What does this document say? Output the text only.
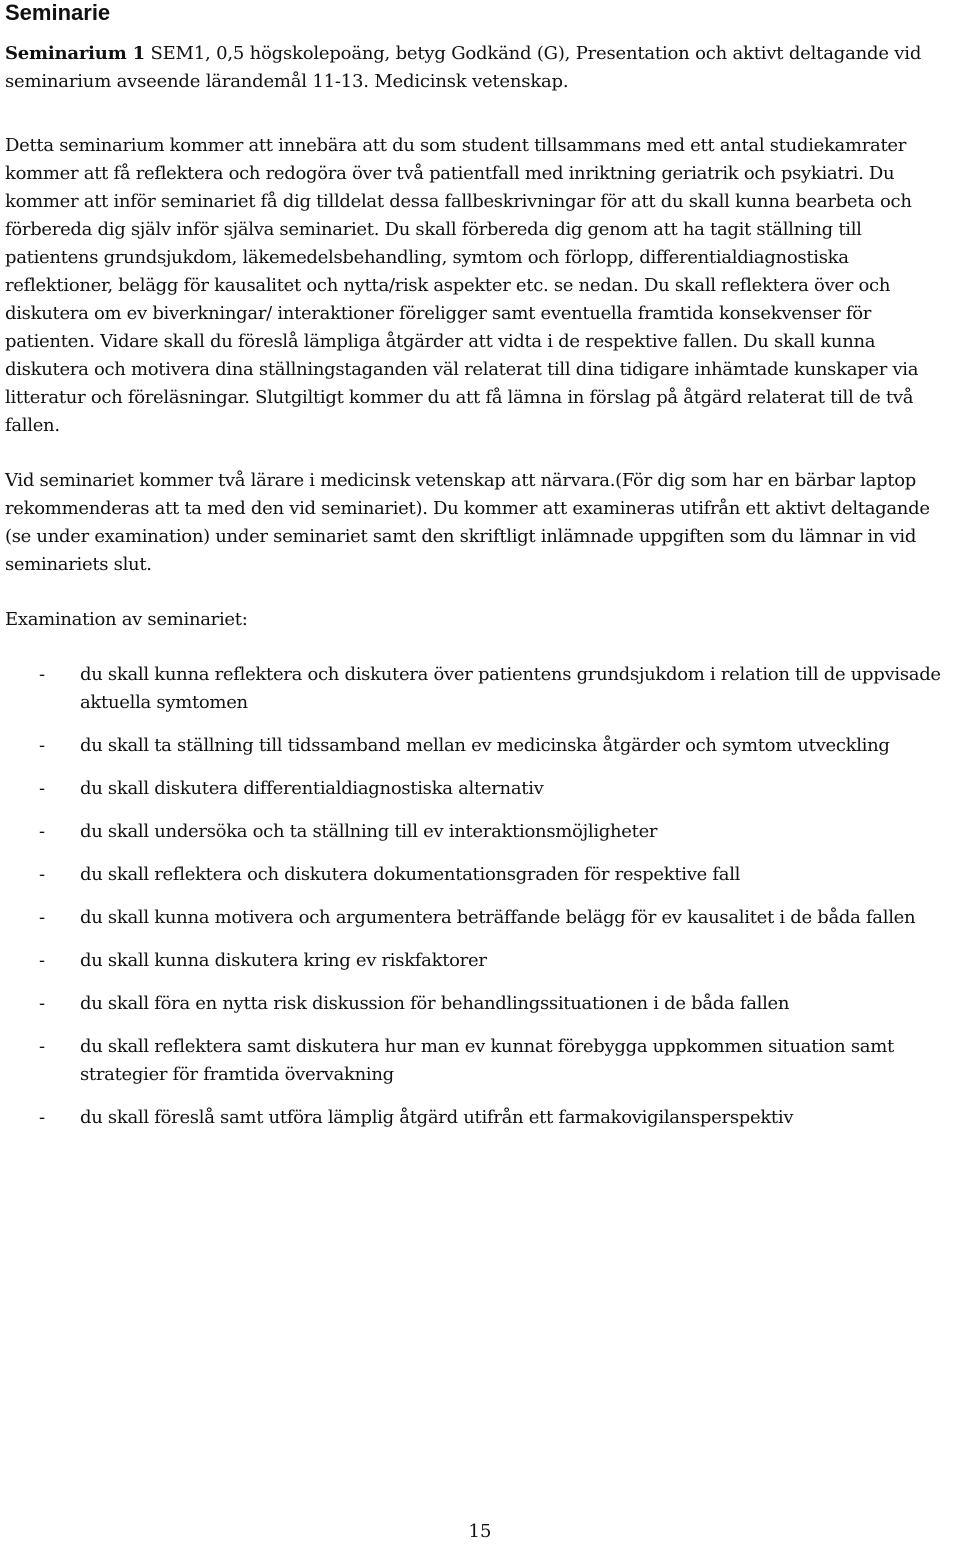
Seminarie

Seminarium 1 SEM1, 0,5 högskolepoäng, betyg Godkänd (G), Presentation och aktivt deltagande vid seminarium avseende lärandemål 11-13. Medicinsk vetenskap.

Detta seminarium kommer att innebära att du som student tillsammans med ett antal studiekamrater kommer att få reflektera och redogöra över två patientfall med inriktning geriatrik och psykiatri. Du kommer att inför seminariet få dig tilldelat dessa fallbeskrivningar för att du skall kunna bearbeta och förbereda dig själv inför själva seminariet. Du skall förbereda dig genom att ha tagit ställning till patientens grundsjukdom, läkemedelsbehandling, symtom och förlopp, differentialdiagnostiska reflektioner, belägg för kausalitet och nytta/risk aspekter etc. se nedan. Du skall reflektera över och diskutera om ev biverkningar/ interaktioner föreligger samt eventuella framtida konsekvenser för patienten. Vidare skall du föreslå lämpliga åtgärder att vidta i de respektive fallen. Du skall kunna diskutera och motivera dina ställningstaganden väl relaterat till dina tidigare inhämtade kunskaper via litteratur och föreläsningar. Slutgiltigt kommer du att få lämna in förslag på åtgärd relaterat till de två fallen.

Vid seminariet kommer två lärare i medicinsk vetenskap att närvara.(För dig som har en bärbar laptop rekommenderas att ta med den vid seminariet). Du kommer att examineras utifrån ett aktivt deltagande (se under examination) under seminariet samt den skriftligt inlämnade uppgiften som du lämnar in vid seminariets slut.

Examination av seminariet:

- du skall kunna reflektera och diskutera över patientens grundsjukdom i relation till de uppvisade aktuella symtomen
- du skall ta ställning till tidssamband mellan ev medicinska åtgärder och symtom utveckling
- du skall diskutera differentialdiagnostiska alternativ
- du skall undersöka och ta ställning till ev interaktionsmöjligheter
- du skall reflektera och diskutera dokumentationsgraden för respektive fall
- du skall kunna motivera och argumentera beträffande belägg för ev kausalitet i de båda fallen
- du skall kunna diskutera kring ev riskfaktorer
- du skall föra en nytta risk diskussion för behandlingssituationen i de båda fallen
- du skall reflektera samt diskutera hur man ev kunnat förebygga uppkommen situation samt strategier för framtida övervakning
- du skall föreslå samt utföra lämplig åtgärd utifrån ett farmakovigilansperspektiv
15
